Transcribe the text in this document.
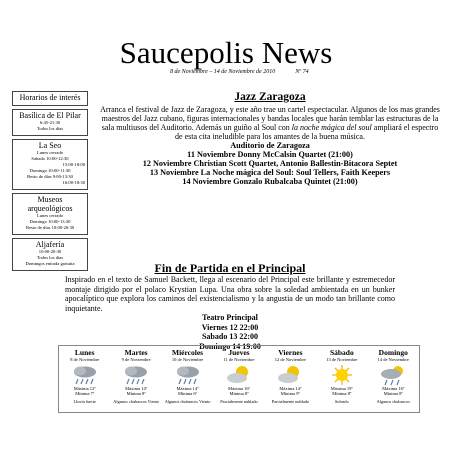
Saucepolis News
8 de Noviembre – 14 de Noviembre de 2010	Nº 74
Horarios de interés
Basílica de El Pilar
6:45-21:30
Todos los días
La Seo
Lunes cerrado
Sabado 10:00-12:30
15:00-18:00
Domingo 10:00-11:30
Resto de días 9:00-13:30
16:00-18:30
Museos arqueológicos
Lunes cerrado
Domingo 10:00-13:30
Resto de días 10:00-20:30
Aljafería
10:00-20:30
Todos los días
Domingos entrada gratuita
Jazz Zaragoza
Arranca el festival de Jazz de Zaragoza, y este año trae un cartel espectacular. Algunos de los mas grandes maestros del Jazz cubano, figuras internacionales y bandas locales que harán temblar las estructuras de la sala multiusos del Auditorio. Además un guiño al Soul con la noche mágica del soul ampliará el espectro de esta cita ineludible para los amantes de la buena música.
Auditorio de Zaragoza
11 Noviembre Donny McCalsin Quartet (21:00)
12 Noviembre Christian Scott Quartet, Antonio Ballestin-Bitacora Septet
13 Noviembre La Noche mágica del Soul: Soul Tellers, Faith Keepers
14 Noviembre Gonzalo Rubalcaba Quintet (21:00)
Fin de Partida en el Principal
Inspirado en el texto de Samuel Backett, llega al escenario del Principal este brillante y estremecedor montaje dirigido por el polaco Krystian Lupa. Una obra sobre la soledad ambientada en un bunker apocalíptico que explora los caminos del existencialismo y la angustia de un modo tan brillante como inquietante.
Teatro Principal
Viernes 12 22:00
Sabado 13 22:00
Domingo 14 19:00
Lunes
8 de Noviembre
Máxima 12º
Mínima 7º
Lluvia fuerte
Martes
9 de Noviembre
Máxima 14º
Mínima 8º
Algunos chubascos Viento
Miércoles
10 de Noviembre
Máxima 14º
Mínima 6º
Algunos chubascos Viento
Jueves
11 de Noviembre
Máxima 16º
Mínima 8º
Parcialmente nublado
Viernes
12 de Noviembre
Máxima 14º
Mínima 9º
Parcialmente nublado
Sábado
13 de Noviembre
Máxima 19º
Mínima 8º
Soleado
Domingo
14 de Noviembre
Máxima 16º
Mínima 8º
Algunos chubascos
